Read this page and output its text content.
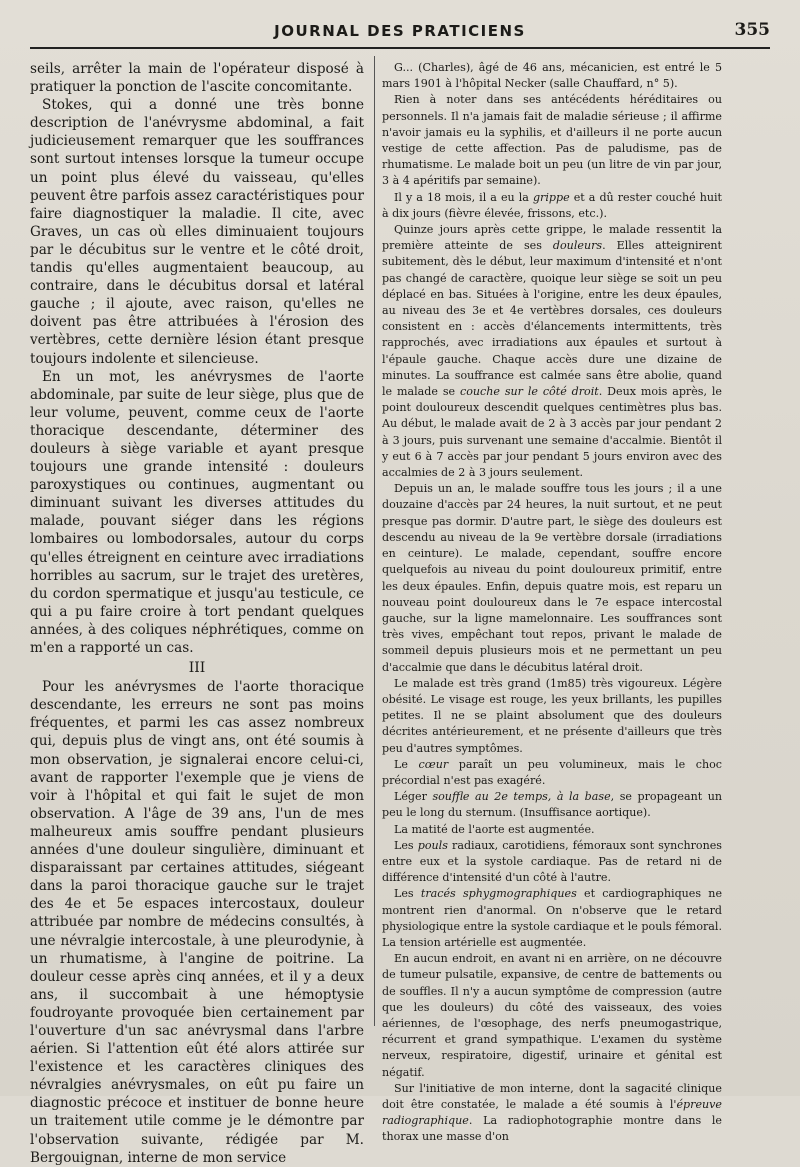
JOURNAL DES PRATICIENS	355

seils, arrêter la main de l'opérateur disposé à pratiquer la ponction de l'ascite concomitante.

Stokes, qui a donné une très bonne description de l'anévrysme abdominal, a fait judicieusement remarquer que les souffrances sont surtout intenses lorsque la tumeur occupe un point plus élevé du vaisseau, qu'elles peuvent être parfois assez caractéristiques pour faire diagnostiquer la maladie. Il cite, avec Graves, un cas où elles diminuaient toujours par le décubitus sur le ventre et le côté droit, tandis qu'elles augmentaient beaucoup, au contraire, dans le décubitus dorsal et latéral gauche ; il ajoute, avec raison, qu'elles ne doivent pas être attribuées à l'érosion des vertèbres, cette dernière lésion étant presque toujours indolente et silencieuse.

En un mot, les anévrysmes de l'aorte abdominale, par suite de leur siège, plus que de leur volume, peuvent, comme ceux de l'aorte thoracique descendante, déterminer des douleurs à siège variable et ayant presque toujours une grande intensité : douleurs paroxystiques ou continues, augmentant ou diminuant suivant les diverses attitudes du malade, pouvant siéger dans les régions lombaires ou lombodorsales, autour du corps qu'elles étreignent en ceinture avec irradiations horribles au sacrum, sur le trajet des uretères, du cordon spermatique et jusqu'au testicule, ce qui a pu faire croire à tort pendant quelques années, à des coliques néphrétiques, comme on m'en a rapporté un cas.

III

Pour les anévrysmes de l'aorte thoracique descendante, les erreurs ne sont pas moins fréquentes, et parmi les cas assez nombreux qui, depuis plus de vingt ans, ont été soumis à mon observation, je signalerai encore celui-ci, avant de rapporter l'exemple que je viens de voir à l'hôpital et qui fait le sujet de mon observation. A l'âge de 39 ans, l'un de mes malheureux amis souffre pendant plusieurs années d'une douleur singulière, diminuant et disparaissant par certaines attitudes, siégeant dans la paroi thoracique gauche sur le trajet des 4e et 5e espaces intercostaux, douleur attribuée par nombre de médecins consultés, à une névralgie intercostale, à une pleurodynie, à un rhumatisme, à l'angine de poitrine. La douleur cesse après cinq années, et il y a deux ans, il succombait à une hémoptysie foudroyante provoquée bien certainement par l'ouverture d'un sac anévrysmal dans l'arbre aérien. Si l'attention eût été alors attirée sur l'existence et les caractères cliniques des névralgies anévrysmales, on eût pu faire un diagnostic précoce et instituer de bonne heure un traitement utile comme je le démontre par l'observation suivante, rédigée par M. Bergouignan, interne de mon service

G... (Charles), âgé de 46 ans, mécanicien, est entré le 5 mars 1901 à l'hôpital Necker (salle Chauffard, n° 5).

Rien à noter dans ses antécédents héréditaires ou personnels. Il n'a jamais fait de maladie sérieuse ; il affirme n'avoir jamais eu la syphilis, et d'ailleurs il ne porte aucun vestige de cette affection. Pas de paludisme, pas de rhumatisme. Le malade boit un peu (un litre de vin par jour, 3 à 4 apéritifs par semaine).

Il y a 18 mois, il a eu la grippe et a dû rester couché huit à dix jours (fièvre élevée, frissons, etc.).

Quinze jours après cette grippe, le malade ressentit la première atteinte de ses douleurs. Elles atteignirent subitement, dès le début, leur maximum d'intensité et n'ont pas changé de caractère, quoique leur siège se soit un peu déplacé en bas. Situées à l'origine, entre les deux épaules, au niveau des 3e et 4e vertèbres dorsales, ces douleurs consistent en : accès d'élancements intermittents, très rapprochés, avec irradiations aux épaules et surtout à l'épaule gauche. Chaque accès dure une dizaine de minutes. La souffrance est calmée sans être abolie, quand le malade se couche sur le côté droit. Deux mois après, le point douloureux descendit quelques centimètres plus bas. Au début, le malade avait de 2 à 3 accès par jour pendant 2 à 3 jours, puis survenant une semaine d'accalmie. Bientôt il y eut 6 à 7 accès par jour pendant 5 jours environ avec des accalmies de 2 à 3 jours seulement.

Depuis un an, le malade souffre tous les jours ; il a une douzaine d'accès par 24 heures, la nuit surtout, et ne peut presque pas dormir. D'autre part, le siège des douleurs est descendu au niveau de la 9e vertèbre dorsale (irradiations en ceinture). Le malade, cependant, souffre encore quelquefois au niveau du point douloureux primitif, entre les deux épaules. Enfin, depuis quatre mois, est reparu un nouveau point douloureux dans le 7e espace intercostal gauche, sur la ligne mamelonnaire. Les souffrances sont très vives, empêchant tout repos, privant le malade de sommeil depuis plusieurs mois et ne permettant un peu d'accalmie que dans le décubitus latéral droit.

Le malade est très grand (1m85) très vigoureux. Légère obésité. Le visage est rouge, les yeux brillants, les pupilles petites. Il ne se plaint absolument que des douleurs décrites antérieurement, et ne présente d'ailleurs que très peu d'autres symptômes.

Le cœur paraît un peu volumineux, mais le choc précordial n'est pas exagéré.

Léger souffle au 2e temps, à la base, se propageant un peu le long du sternum. (Insuffisance aortique).

La matité de l'aorte est augmentée.

Les pouls radiaux, carotidiens, fémoraux sont synchrones entre eux et la systole cardiaque. Pas de retard ni de différence d'intensité d'un côté à l'autre.

Les tracés sphygmographiques et cardiographiques ne montrent rien d'anormal. On n'observe que le retard physiologique entre la systole cardiaque et le pouls fémoral. La tension artérielle est augmentée.

En aucun endroit, en avant ni en arrière, on ne découvre de tumeur pulsatile, expansive, de centre de battements ou de souffles. Il n'y a aucun symptôme de compression (autre que les douleurs) du côté des vaisseaux, des voies aériennes, de l'œsophage, des nerfs pneumogastrique, récurrent et grand sympathique. L'examen du système nerveux, respiratoire, digestif, urinaire et génital est négatif.

Sur l'initiative de mon interne, dont la sagacité clinique doit être constatée, le malade a été soumis à l'épreuve radiographique. La radiophotographie montre dans le thorax une masse d'on
